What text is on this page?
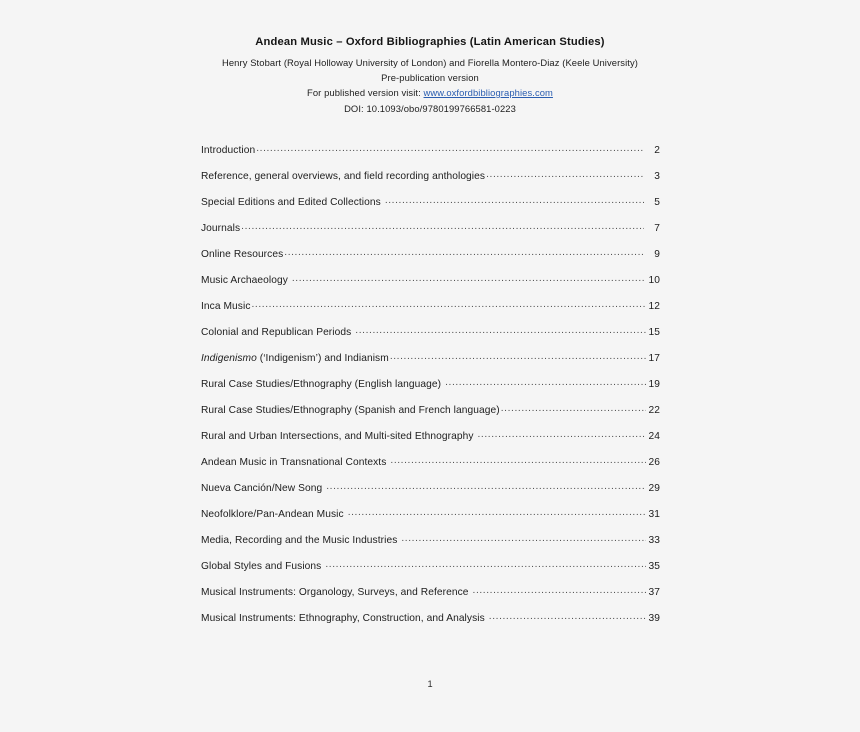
Andean Music – Oxford Bibliographies (Latin American Studies)

Henry Stobart (Royal Holloway University of London) and Fiorella Montero-Diaz (Keele University)

Pre-publication version

For published version visit: www.oxfordbibliographies.com

DOI: 10.1093/obo/9780199766581-0223

Introduction .....	2
Reference, general overviews, and field recording anthologies .....	3
Special Editions and Edited Collections .....	5
Journals .....	7
Online Resources .....	9
Music Archaeology .....	10
Inca Music .....	12
Colonial and Republican Periods .....	15
Indigenismo (‘Indigenism’) and Indianism .....	17
Rural Case Studies/Ethnography (English language) .....	19
Rural Case Studies/Ethnography (Spanish and French language) .....	22
Rural and Urban Intersections, and Multi-sited Ethnography .....	24
Andean Music in Transnational Contexts .....	26
Nueva Canción/New Song .....	29
Neofolklore/Pan-Andean Music .....	31
Media, Recording and the Music Industries .....	33
Global Styles and Fusions .....	35
Musical Instruments: Organology, Surveys, and Reference .....	37
Musical Instruments: Ethnography, Construction, and Analysis .....	39
1
